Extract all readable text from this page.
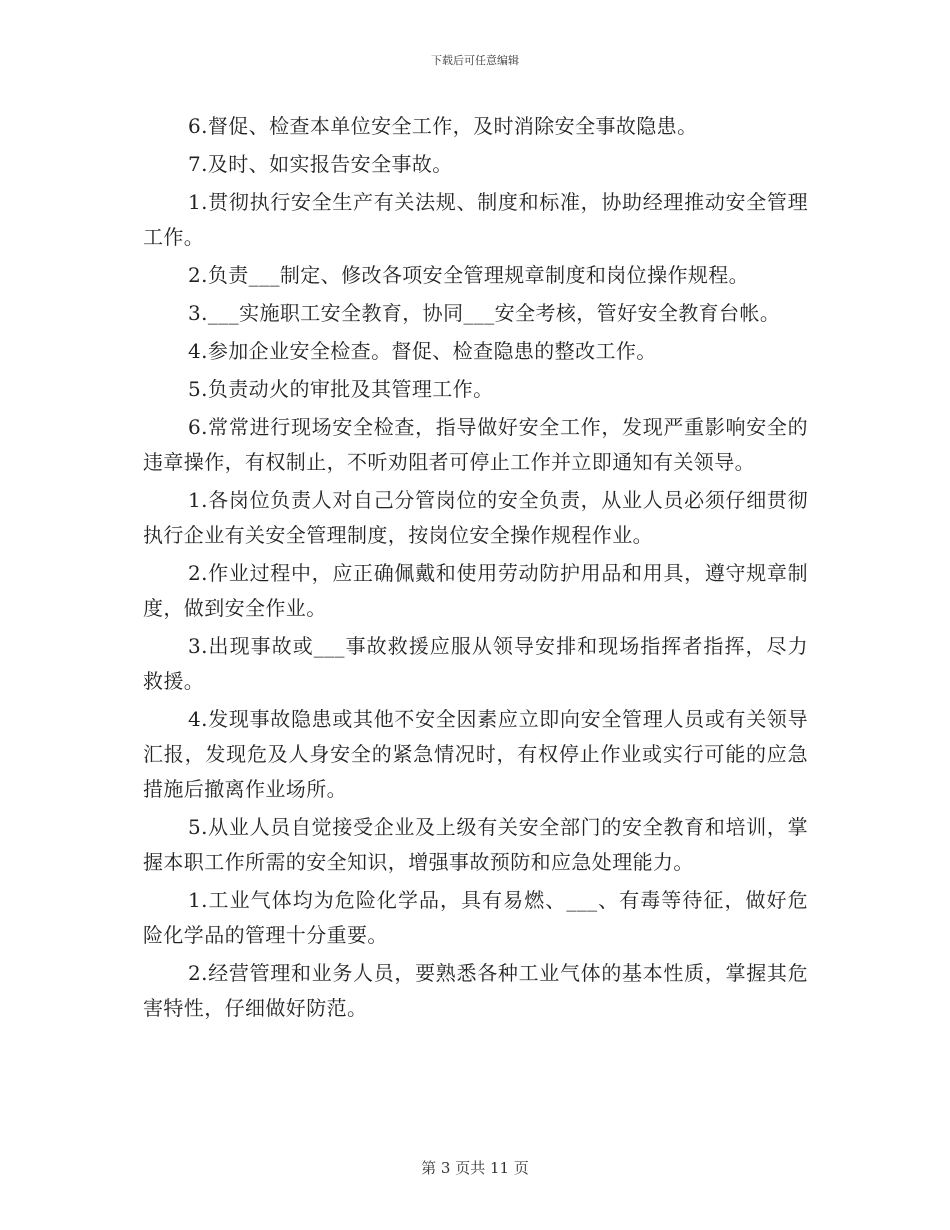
下载后可任意编辑

6.督促、检查本单位安全工作，及时消除安全事故隐患。

7.及时、如实报告安全事故。

1.贯彻执行安全生产有关法规、制度和标准，协助经理推动安全管理工作。

2.负责___制定、修改各项安全管理规章制度和岗位操作规程。

3.___实施职工安全教育，协同___安全考核，管好安全教育台帐。

4.参加企业安全检查。督促、检查隐患的整改工作。

5.负责动火的审批及其管理工作。

6.常常进行现场安全检查，指导做好安全工作，发现严重影响安全的违章操作，有权制止，不听劝阻者可停止工作并立即通知有关领导。

1.各岗位负责人对自己分管岗位的安全负责，从业人员必须仔细贯彻执行企业有关安全管理制度，按岗位安全操作规程作业。

2.作业过程中，应正确佩戴和使用劳动防护用品和用具，遵守规章制度，做到安全作业。

3.出现事故或___事故救援应服从领导安排和现场指挥者指挥，尽力救援。

4.发现事故隐患或其他不安全因素应立即向安全管理人员或有关领导汇报，发现危及人身安全的紧急情况时，有权停止作业或实行可能的应急措施后撤离作业场所。

5.从业人员自觉接受企业及上级有关安全部门的安全教育和培训，掌握本职工作所需的安全知识，增强事故预防和应急处理能力。

1.工业气体均为危险化学品，具有易燃、___、有毒等待征，做好危险化学品的管理十分重要。

2.经营管理和业务人员，要熟悉各种工业气体的基本性质，掌握其危害特性，仔细做好防范。

第 3 页共 11 页
